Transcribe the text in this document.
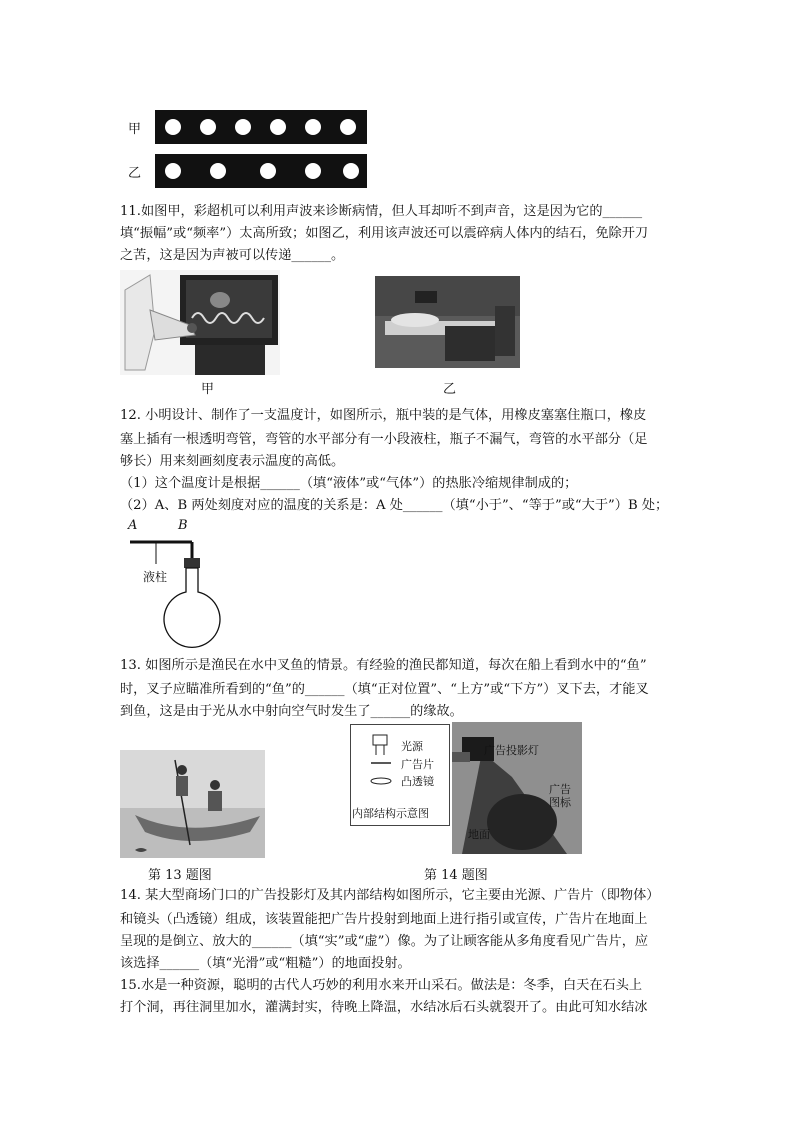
甲
乙
11.如图甲，彩超机可以利用声波来诊断病情，但人耳却听不到声音，这是因为它的______
填“振幅”或“频率”）太高所致；如图乙，利用该声波还可以震碎病人体内的结石，免除开刀
之苦，这是因为声被可以传递______。
甲	乙
12. 小明设计、制作了一支温度计，如图所示，瓶中装的是气体，用橡皮塞塞住瓶口，橡皮
塞上插有一根透明弯管，弯管的水平部分有一小段液柱，瓶子不漏气，弯管的水平部分（足
够长）用来刻画刻度表示温度的高低。
（1）这个温度计是根据______（填“液体”或“气体”）的热胀冷缩规律制成的；
（2）A、B 两处刻度对应的温度的关系是：A 处______（填“小于”、“等于”或“大于”）B 处；
A	B
液柱
13. 如图所示是渔民在水中叉鱼的情景。有经验的渔民都知道，每次在船上看到水中的“鱼”
时，叉子应瞄准所看到的“鱼”的______（填“正对位置”、“上方”或“下方”）叉下去，才能叉
到鱼，这是由于光从水中射向空气时发生了______的缘故。
第 13 题图
光源
广告片
凸透镜
内部结构示意图
广告投影灯
广告
图标
地面
第 14 题图
14. 某大型商场门口的广告投影灯及其内部结构如图所示，它主要由光源、广告片（即物体）
和镜头（凸透镜）组成，该装置能把广告片投射到地面上进行指引或宣传，广告片在地面上
呈现的是倒立、放大的______（填“实”或“虚”）像。为了让顾客能从多角度看见广告片，应
该选择______（填“光滑”或“粗糙”）的地面投射。
15.水是一种资源，聪明的古代人巧妙的利用水来开山采石。做法是：冬季，白天在石头上
打个洞，再往洞里加水，灌满封实，待晚上降温，水结冰后石头就裂开了。由此可知水结冰
